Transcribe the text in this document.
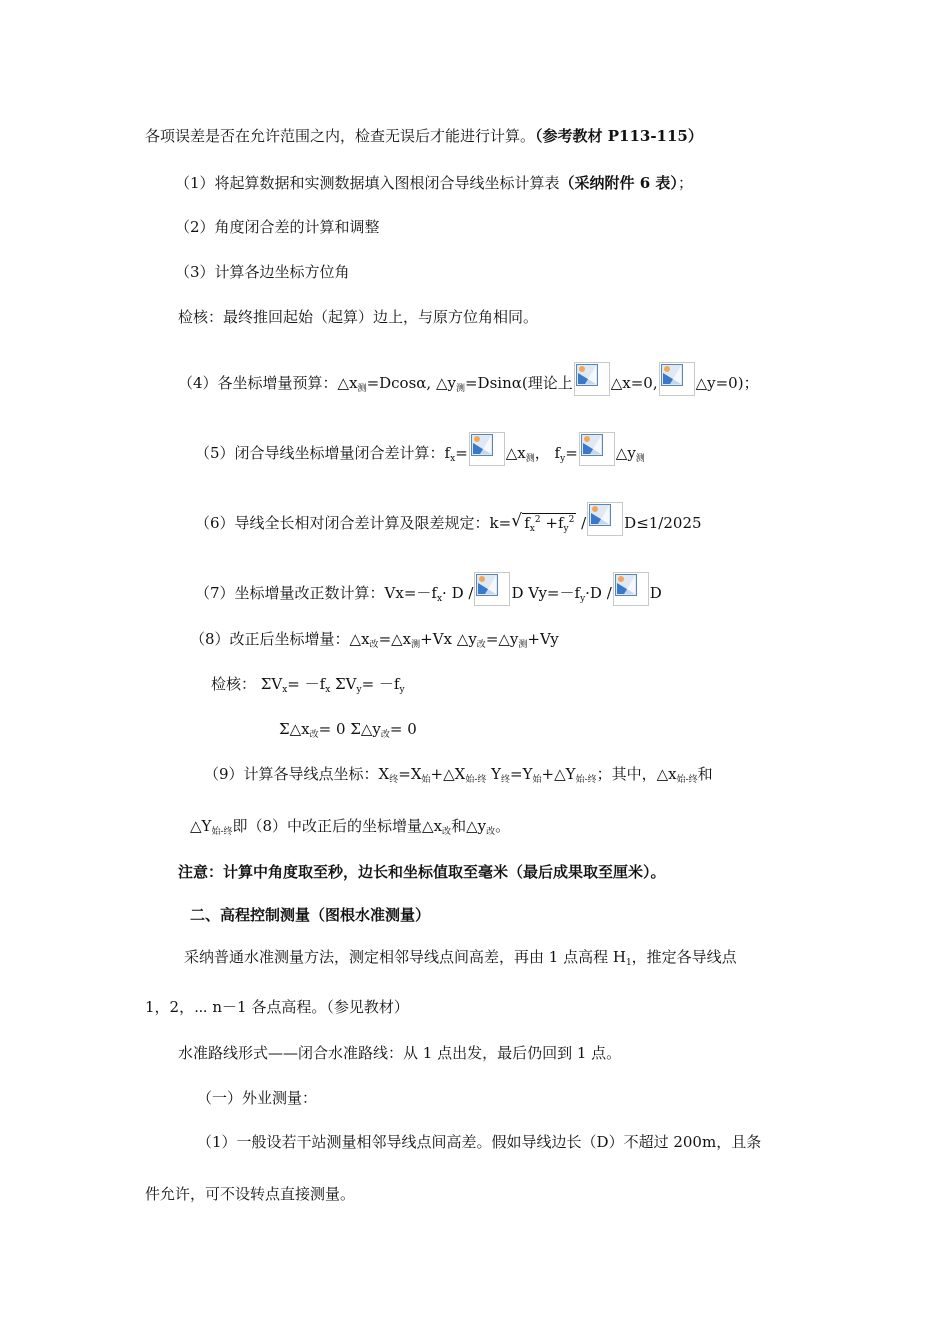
各项误差是否在允许范围之内，检查无误后才能进行计算。（参考教材 P113-115）
（1）将起算数据和实测数据填入图根闭合导线坐标计算表（采纳附件 6 表）；
（2）角度闭合差的计算和调整
（3）计算各边坐标方位角
检核：最终推回起始（起算）边上，与原方位角相同。
（4）各坐标增量预算：$\triangle x_测=Dcos\alpha$, $\triangle y_测=Dsin\alpha$(理论上	△x=0,	△y=0)；
（5）闭合导线坐标增量闭合差计算：$f_x=$	$\triangle x_测$， $f_y=$	$\triangle y_测$
（6）导线全长相对闭合差计算及限差规定：k= √ $f_x^2 +f_y^2$ /	D≤1/2025
（7）坐标增量改正数计算：$Vx=-f_x\cdot D$ /	D $Vy=-f_y\cdot D$ /	D
（8）改正后坐标增量：$\triangle x_改=\triangle x_测+Vx$ $\triangle y_改=\triangle y_测+Vy$
检核： $\Sigma V_x= -f_x$ $\Sigma V_y= -f_y$
$\Sigma\triangle x_改= 0$ $\Sigma\triangle y_改= 0$
（9）计算各导线点坐标：$X_终=X_始+\triangle X_{始-终}$ $Y_终=Y_始+\triangle Y_{始-终}$；其中，$\triangle x_{始-终}$和
$\triangle Y_{始-终}$即（8）中改正后的坐标增量$\triangle x_改$和$\triangle y_改$。
注意：计算中角度取至秒，边长和坐标值取至毫米（最后成果取至厘米）。
二、高程控制测量（图根水准测量）
采纳普通水准测量方法，测定相邻导线点间高差，再由 1 点高程 $H_1$，推定各导线点
1，2，⋯ n－1 各点高程。（参见教材）
水准路线形式——闭合水准路线：从 1 点出发，最后仍回到 1 点。
（一）外业测量：
（1）一般设若干站测量相邻导线点间高差。假如导线边长（D）不超过 200m，且条
件允许，可不设转点直接测量。
